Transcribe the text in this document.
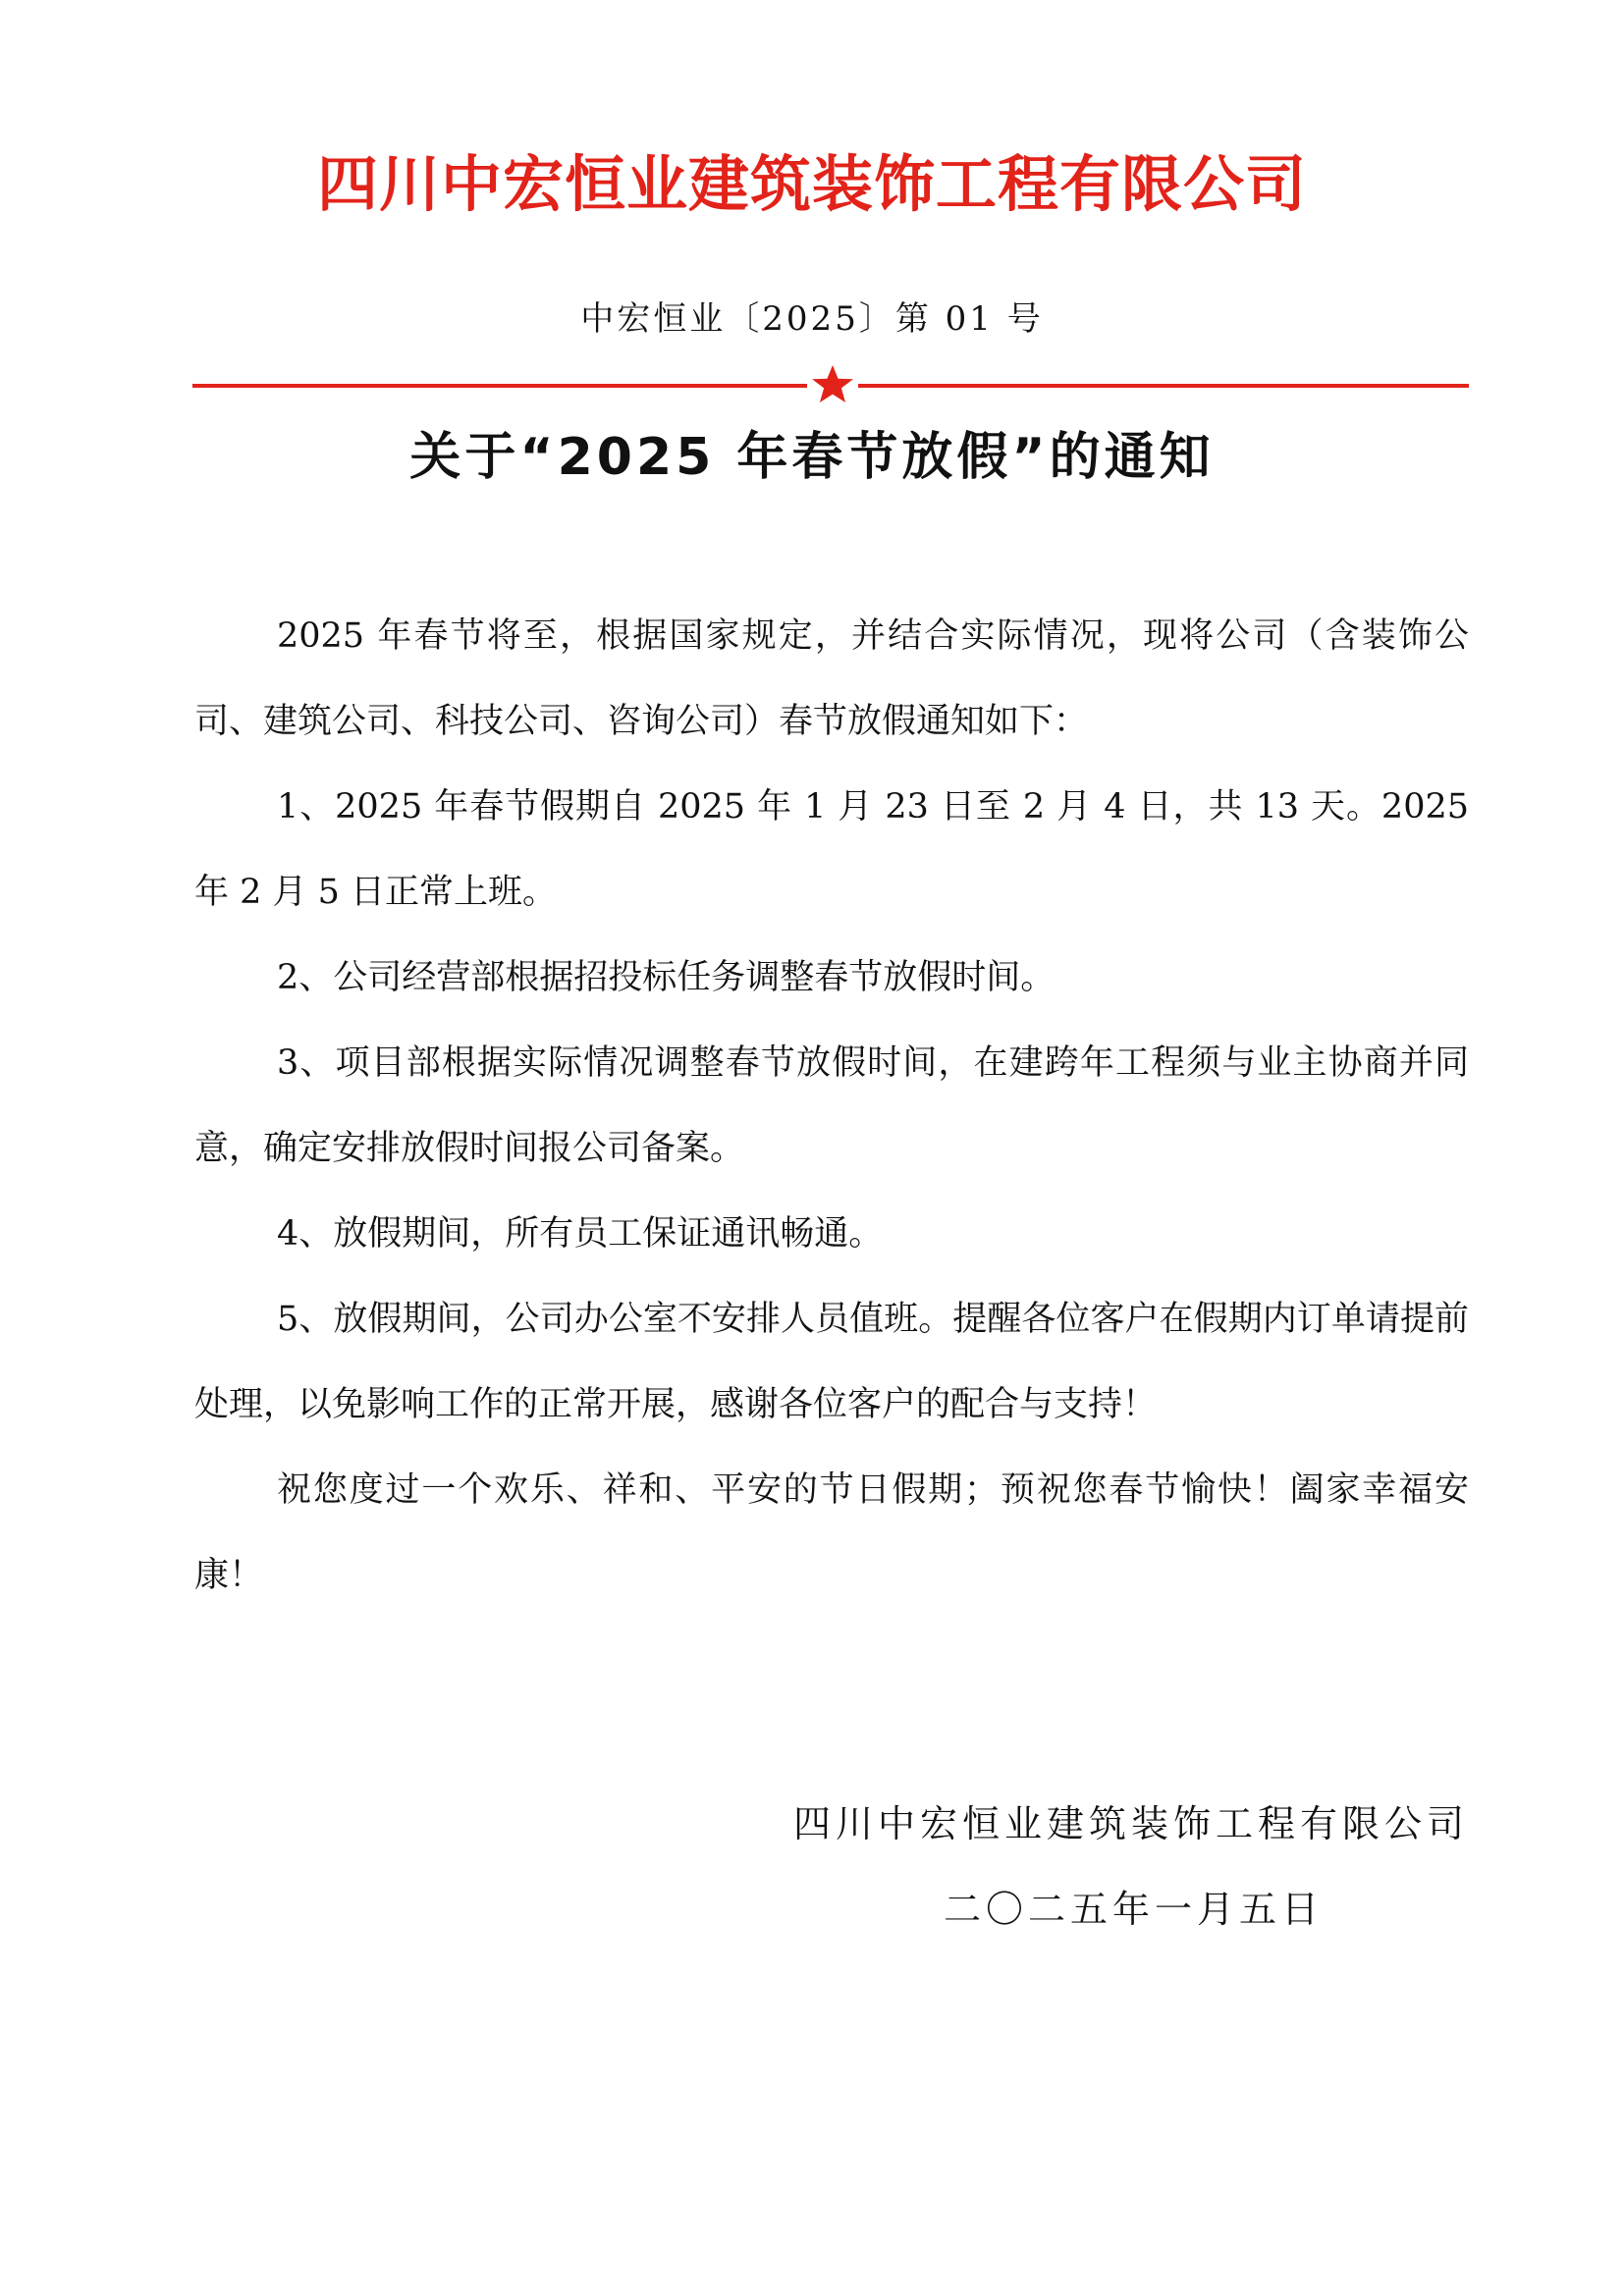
四川中宏恒业建筑装饰工程有限公司
中宏恒业〔2025〕第 01 号
关于“2025 年春节放假”的通知

2025 年春节将至，根据国家规定，并结合实际情况，现将公司（含装饰公司、建筑公司、科技公司、咨询公司）春节放假通知如下：

1、2025 年春节假期自 2025 年 1 月 23 日至 2 月 4 日，共 13 天。2025 年 2 月 5 日正常上班。

2、公司经营部根据招投标任务调整春节放假时间。

3、项目部根据实际情况调整春节放假时间，在建跨年工程须与业主协商并同意，确定安排放假时间报公司备案。

4、放假期间，所有员工保证通讯畅通。

5、放假期间，公司办公室不安排人员值班。提醒各位客户在假期内订单请提前处理，以免影响工作的正常开展，感谢各位客户的配合与支持！

祝您度过一个欢乐、祥和、平安的节日假期；预祝您春节愉快！阖家幸福安康！

四川中宏恒业建筑装饰工程有限公司
二〇二五年一月五日
